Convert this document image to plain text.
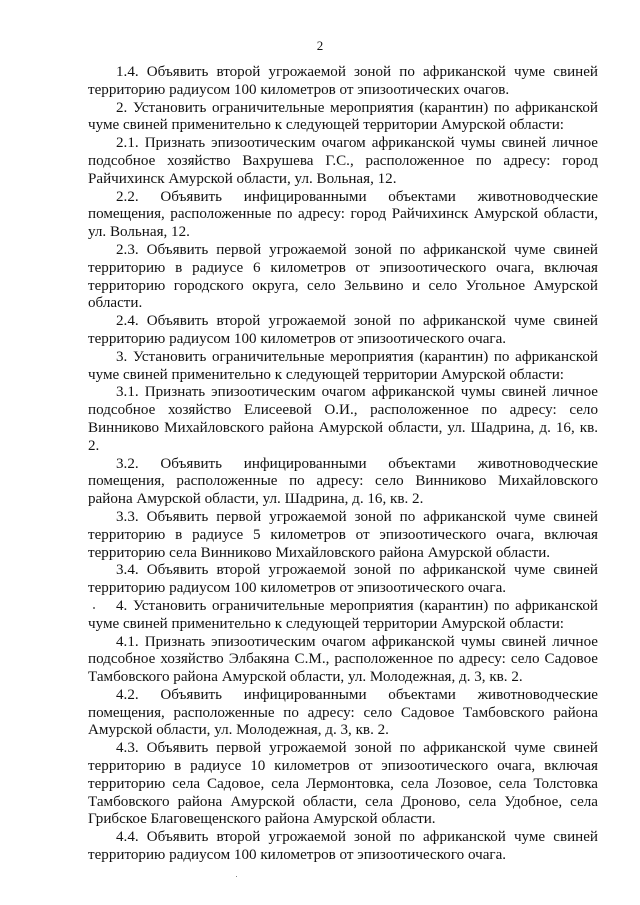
2

1.4. Объявить второй угрожаемой зоной по африканской чуме свиней территорию радиусом 100 километров от эпизоотических очагов.

2. Установить ограничительные мероприятия (карантин) по африканской чуме свиней применительно к следующей территории Амурской области:

2.1. Признать эпизоотическим очагом африканской чумы свиней личное подсобное хозяйство Вахрушева Г.С., расположенное по адресу: город Райчихинск Амурской области, ул. Вольная, 12.

2.2. Объявить инфицированными объектами животноводческие помещения, расположенные по адресу: город Райчихинск Амурской области, ул. Вольная, 12.

2.3. Объявить первой угрожаемой зоной по африканской чуме свиней территорию в радиусе 6 километров от эпизоотического очага, включая территорию городского округа, село Зельвино и село Угольное Амурской области.

2.4. Объявить второй угрожаемой зоной по африканской чуме свиней территорию радиусом 100 километров от эпизоотического очага.

3. Установить ограничительные мероприятия (карантин) по африканской чуме свиней применительно к следующей территории Амурской области:

3.1. Признать эпизоотическим очагом африканской чумы свиней личное подсобное хозяйство Елисеевой О.И., расположенное по адресу: село Винниково Михайловского района Амурской области, ул. Шадрина, д. 16, кв. 2.

3.2. Объявить инфицированными объектами животноводческие помещения, расположенные по адресу: село Винниково Михайловского района Амурской области, ул. Шадрина, д. 16, кв. 2.

3.3. Объявить первой угрожаемой зоной по африканской чуме свиней территорию в радиусе 5 километров от эпизоотического очага, включая территорию села Винниково Михайловского района Амурской области.

3.4. Объявить второй угрожаемой зоной по африканской чуме свиней территорию радиусом 100 километров от эпизоотического очага.

4. Установить ограничительные мероприятия (карантин) по африканской чуме свиней применительно к следующей территории Амурской области:

4.1. Признать эпизоотическим очагом африканской чумы свиней личное подсобное хозяйство Элбакяна С.М., расположенное по адресу: село Садовое Тамбовского района Амурской области, ул. Молодежная, д. 3, кв. 2.

4.2. Объявить инфицированными объектами животноводческие помещения, расположенные по адресу: село Садовое Тамбовского района Амурской области, ул. Молодежная, д. 3, кв. 2.

4.3. Объявить первой угрожаемой зоной по африканской чуме свиней территорию в радиусе 10 километров от эпизоотического очага, включая территорию села Садовое, села Лермонтовка, села Лозовое, села Толстовка Тамбовского района Амурской области, села Дроново, села Удобное, села Грибское Благовещенского района Амурской области.

4.4. Объявить второй угрожаемой зоной по африканской чуме свиней территорию радиусом 100 километров от эпизоотического очага.
